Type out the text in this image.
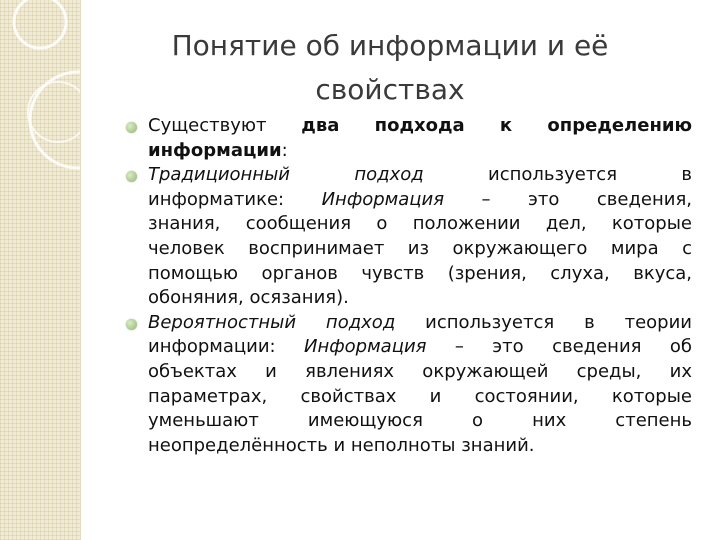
Понятие об информации и её
свойствах
Существуют два подхода к определению
информации:
Традиционный подход используется в
информатике: Информация – это сведения,
знания, сообщения о положении дел, которые
человек воспринимает из окружающего мира с
помощью органов чувств (зрения, слуха, вкуса,
обоняния, осязания).
Вероятностный подход используется в теории
информации: Информация – это сведения об
объектах и явлениях окружающей среды, их
параметрах, свойствах и состоянии, которые
уменьшают имеющуюся о них степень
неопределённость и неполноты знаний.
